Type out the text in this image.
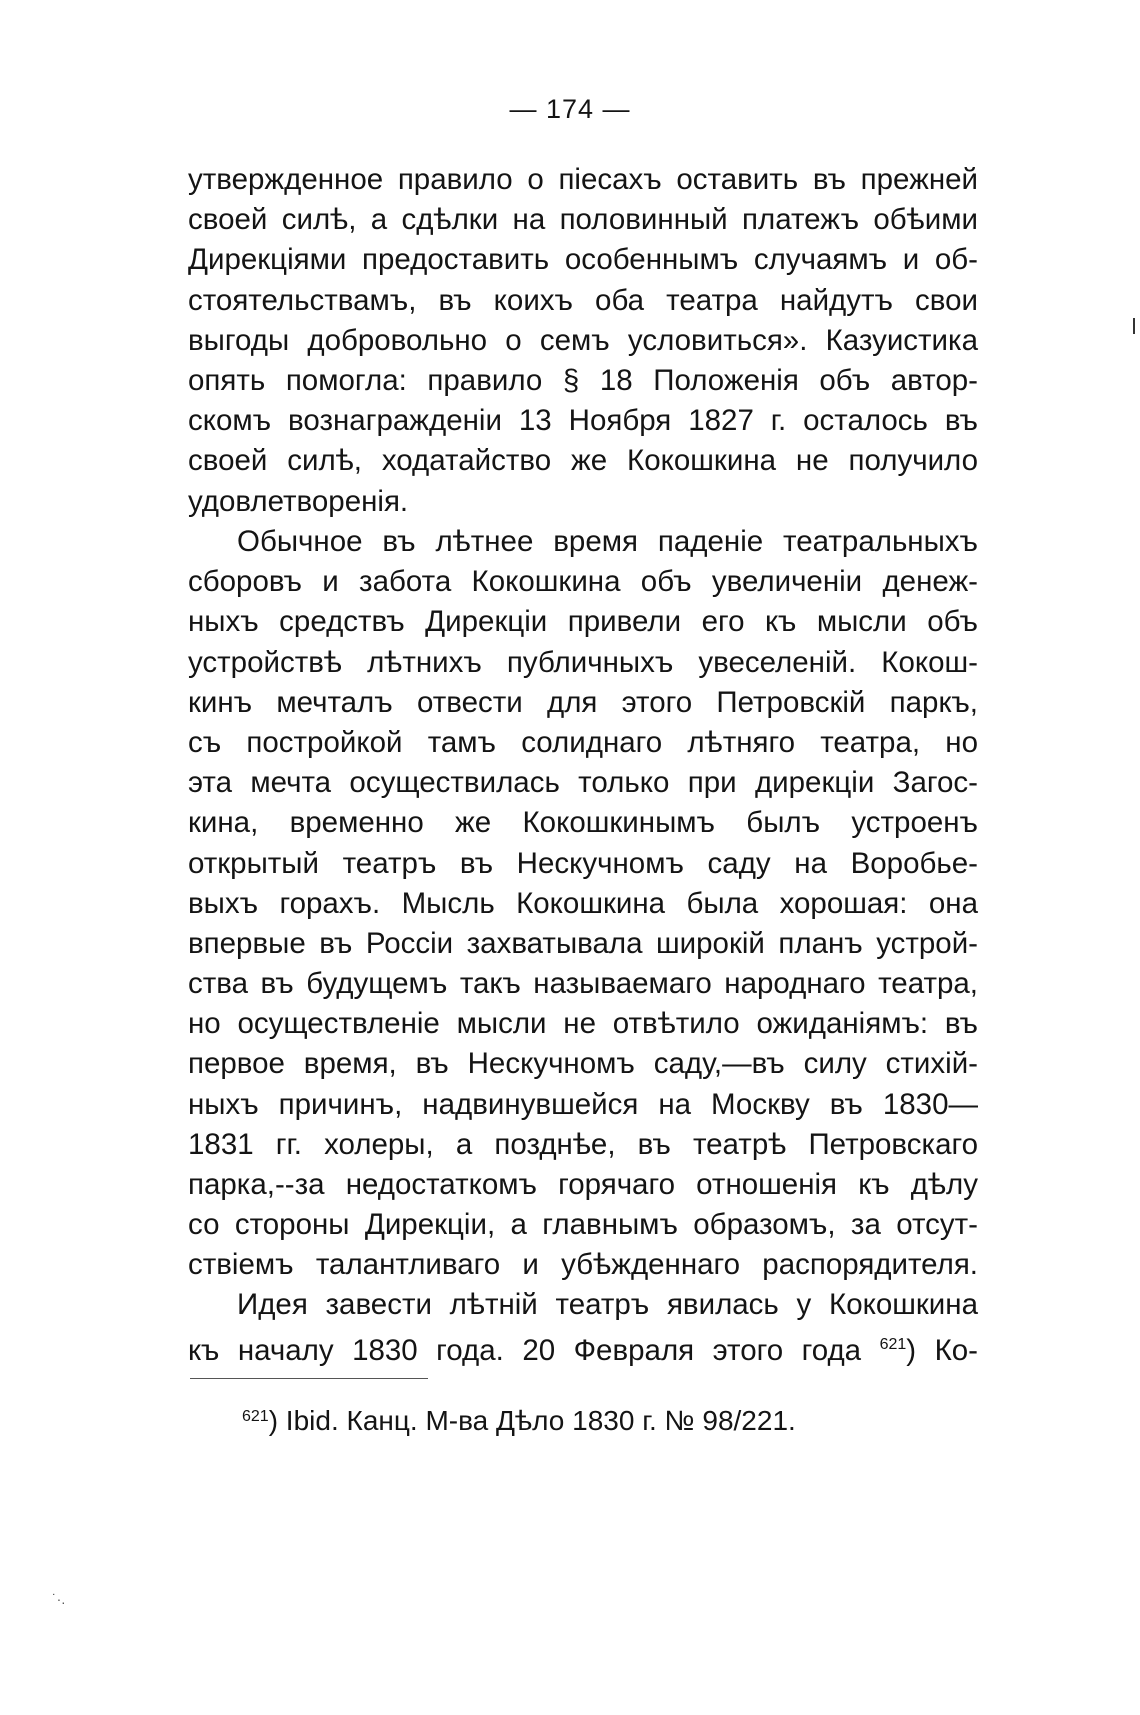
— 174 —
утвержденное правило о піесахъ оставить въ прежней
своей силѣ, а сдѣлки на половинный платежъ обѣими
Дирекціями предоставить особеннымъ случаямъ и об-
стоятельствамъ, въ коихъ оба театра найдутъ свои
выгоды добровольно о семъ условиться». Казуистика
опять помогла: правило § 18 Положенія объ автор-
скомъ вознагражденіи 13 Ноября 1827 г. осталось въ
своей силѣ, ходатайство же Кокошкина не получило
удовлетворенія.
Обычное въ лѣтнее время паденіе театральныхъ
сборовъ и забота Кокошкина объ увеличеніи денеж-
ныхъ средствъ Дирекціи привели его къ мысли объ
устройствѣ лѣтнихъ публичныхъ увеселеній. Кокош-
кинъ мечталъ отвести для этого Петровскій паркъ,
съ постройкой тамъ солиднаго лѣтняго театра, но
эта мечта осуществилась только при дирекціи Загос-
кина, временно же Кокошкинымъ былъ устроенъ
открытый театръ въ Нескучномъ саду на Воробье-
выхъ горахъ. Мысль Кокошкина была хорошая: она
впервые въ Россіи захватывала широкій планъ устрой-
ства въ будущемъ такъ называемаго народнаго театра,
но осуществленіе мысли не отвѣтило ожиданіямъ: въ
первое время, въ Нескучномъ саду,—въ силу стихій-
ныхъ причинъ, надвинувшейся на Москву въ 1830—
1831 гг. холеры, а позднѣе, въ театрѣ Петровскаго
парка,--за недостаткомъ горячаго отношенія къ дѣлу
со стороны Дирекціи, а главнымъ образомъ, за отсут-
ствіемъ талантливаго и убѣжденнаго распорядителя.
Идея завести лѣтній театръ явилась у Кокошкина
къ началу 1830 года. 20 Февраля этого года $^{621}$) Ко-
$^{621}$) Ibid. Канц. М-ва Дѣло 1830 г. № 98/221.
˙·.
